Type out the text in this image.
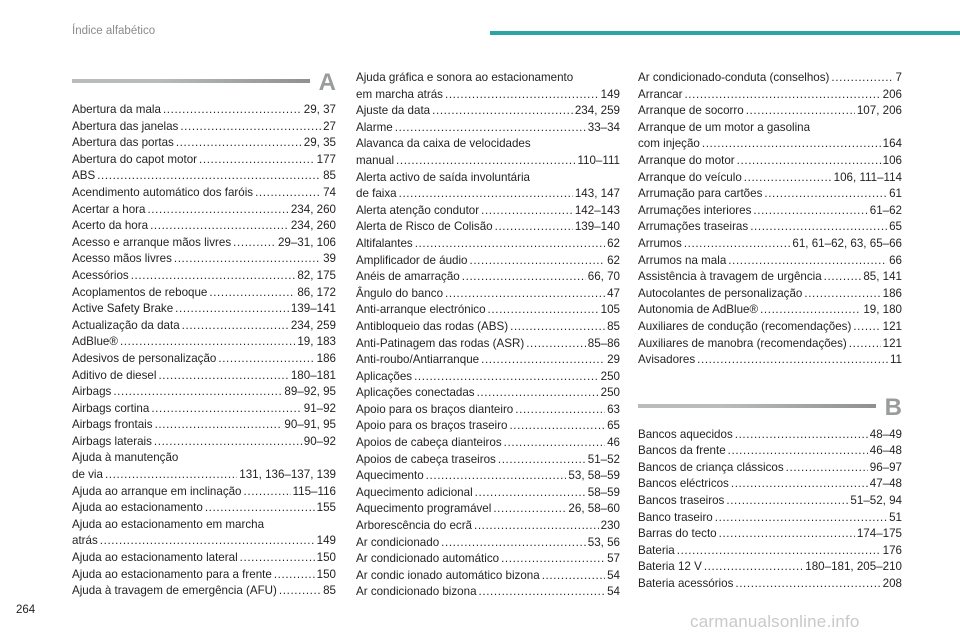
Índice alfabético
A
Abertura da mala . . .	29, 37
Abertura das janelas . . .	27
Abertura das portas . . .	29, 35
Abertura do capot motor . . .	177
ABS . . .	85
Acendimento automático dos faróis . . .	74
Acertar a hora . . .	234, 260
Acerto da hora . . .	234, 260
Acesso e arranque mãos livres . . .	29–31, 106
Acesso mãos livres . . .	39
Acessórios . . .	82, 175
Acoplamentos de reboque . . .	86, 172
Active Safety Brake . . .	139–141
Actualização da data . . .	234, 259
AdBlue® . . .	19, 183
Adesivos de personalização . . .	186
Aditivo de diesel . . .	180–181
Airbags . . .	89–92, 95
Airbags cortina . . .	91–92
Airbags frontais . . .	90–91, 95
Airbags laterais . . .	90–92
Ajuda à manutenção
de via . . .	131, 136–137, 139
Ajuda ao arranque em inclinação . . .	115–116
Ajuda ao estacionamento . . .	155
Ajuda ao estacionamento em marcha
atrás . . .	149
Ajuda ao estacionamento lateral . . .	150
Ajuda ao estacionamento para a frente . . .	150
Ajuda à travagem de emergência (AFU) . . .	85
Ajuda gráfica e sonora ao estacionamento
em marcha atrás . . .	149
Ajuste da data . . .	234, 259
Alarme . . .	33–34
Alavanca da caixa de velocidades
manual . . .	110–111
Alerta activo de saída involuntária
de faixa . . .	143, 147
Alerta atenção condutor . . .	142–143
Alerta de Risco de Colisão . . .	139–140
Altifalantes . . .	62
Amplificador de áudio . . .	62
Anéis de amarração . . .	66, 70
Ângulo do banco . . .	47
Anti-arranque electrónico . . .	105
Antibloqueio das rodas (ABS) . . .	85
Anti-Patinagem das rodas (ASR) . . .	85–86
Anti-roubo/Antiarranque . . .	29
Aplicações . . .	250
Aplicações conectadas . . .	250
Apoio para os braços dianteiro . . .	63
Apoio para os braços traseiro . . .	65
Apoios de cabeça dianteiros . . .	46
Apoios de cabeça traseiros . . .	51–52
Aquecimento . . .	53, 58–59
Aquecimento adicional . . .	58–59
Aquecimento programável . . .	26, 58–60
Arborescência do ecrã . . .	230
Ar condicionado . . .	53, 56
Ar condicionado automático . . .	57
Ar condic ionado automático bizona . . .	54
Ar condicionado bizona . . .	54
Ar condicionado-conduta (conselhos) . . .	7
Arrancar . . .	206
Arranque de socorro . . .	107, 206
Arranque de um motor a gasolina
com injeção . . .	164
Arranque do motor . . .	106
Arranque do veículo . . .	106, 111–114
Arrumação para cartões . . .	61
Arrumações interiores . . .	61–62
Arrumações traseiras . . .	65
Arrumos . . .	61, 61–62, 63, 65–66
Arrumos na mala . . .	66
Assistência à travagem de urgência . . .	85, 141
Autocolantes de personalização . . .	186
Autonomia de AdBlue® . . .	19, 180
Auxiliares de condução (recomendações) . . .	121
Auxiliares de manobra (recomendações) . . .	121
Avisadores . . .	11
B
Bancos aquecidos . . .	48–49
Bancos da frente . . .	46–48
Bancos de criança clássicos . . .	96–97
Bancos eléctricos . . .	47–48
Bancos traseiros . . .	51–52, 94
Banco traseiro . . .	51
Barras do tecto . . .	174–175
Bateria . . .	176
Bateria 12 V . . .	180–181, 205–210
Bateria acessórios . . .	208
264
carmanualsonline.info
